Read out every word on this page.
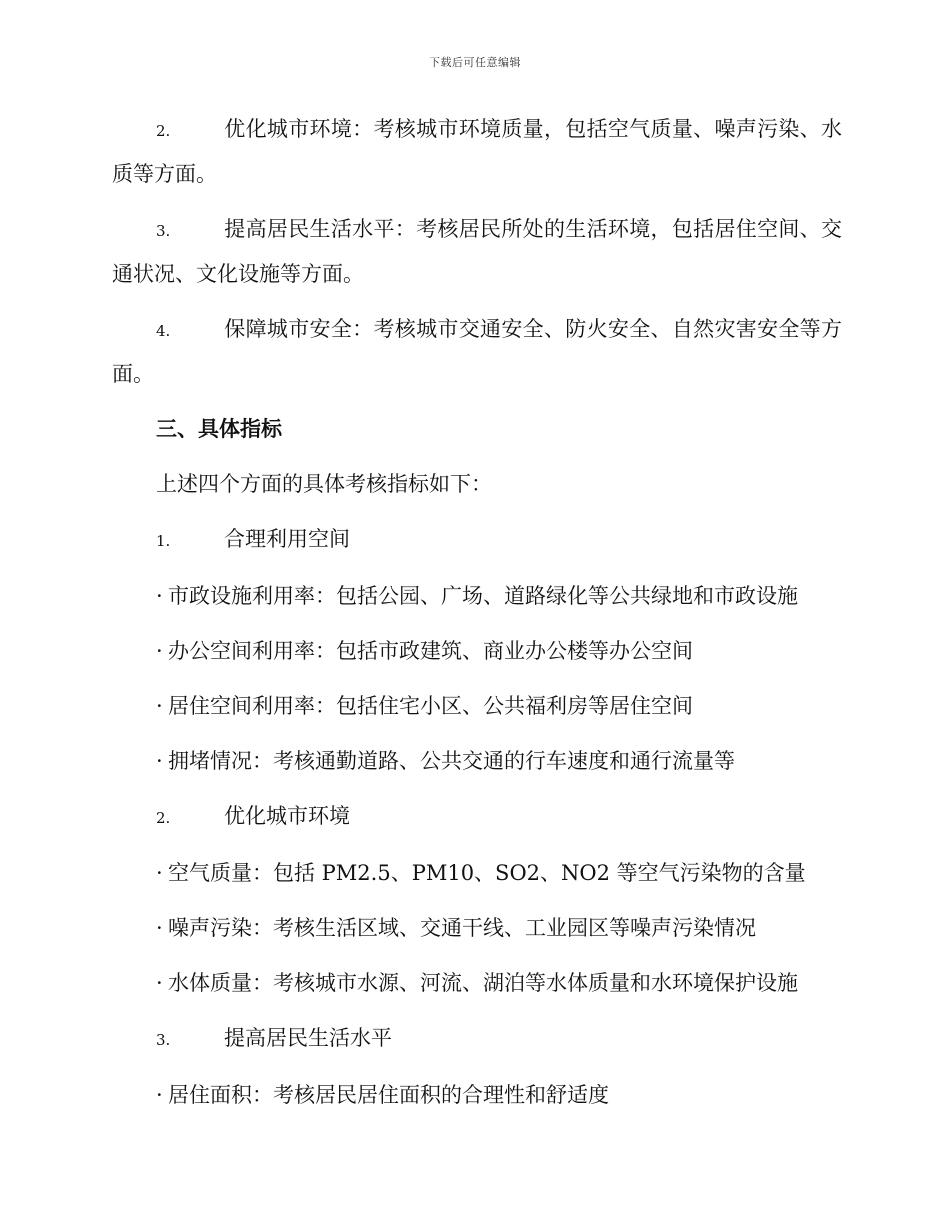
下载后可任意编辑

2.	优化城市环境：考核城市环境质量，包括空气质量、噪声污染、水质等方面。

3.	提高居民生活水平：考核居民所处的生活环境，包括居住空间、交通状况、文化设施等方面。

4.	保障城市安全：考核城市交通安全、防火安全、自然灾害安全等方面。

三、具体指标
上述四个方面的具体考核指标如下：
1.	合理利用空间
· 市政设施利用率：包括公园、广场、道路绿化等公共绿地和市政设施
· 办公空间利用率：包括市政建筑、商业办公楼等办公空间
· 居住空间利用率：包括住宅小区、公共福利房等居住空间
· 拥堵情况：考核通勤道路、公共交通的行车速度和通行流量等
2.	优化城市环境
· 空气质量：包括 PM2.5、PM10、SO2、NO2 等空气污染物的含量
· 噪声污染：考核生活区域、交通干线、工业园区等噪声污染情况
· 水体质量：考核城市水源、河流、湖泊等水体质量和水环境保护设施
3.	提高居民生活水平
· 居住面积：考核居民居住面积的合理性和舒适度
